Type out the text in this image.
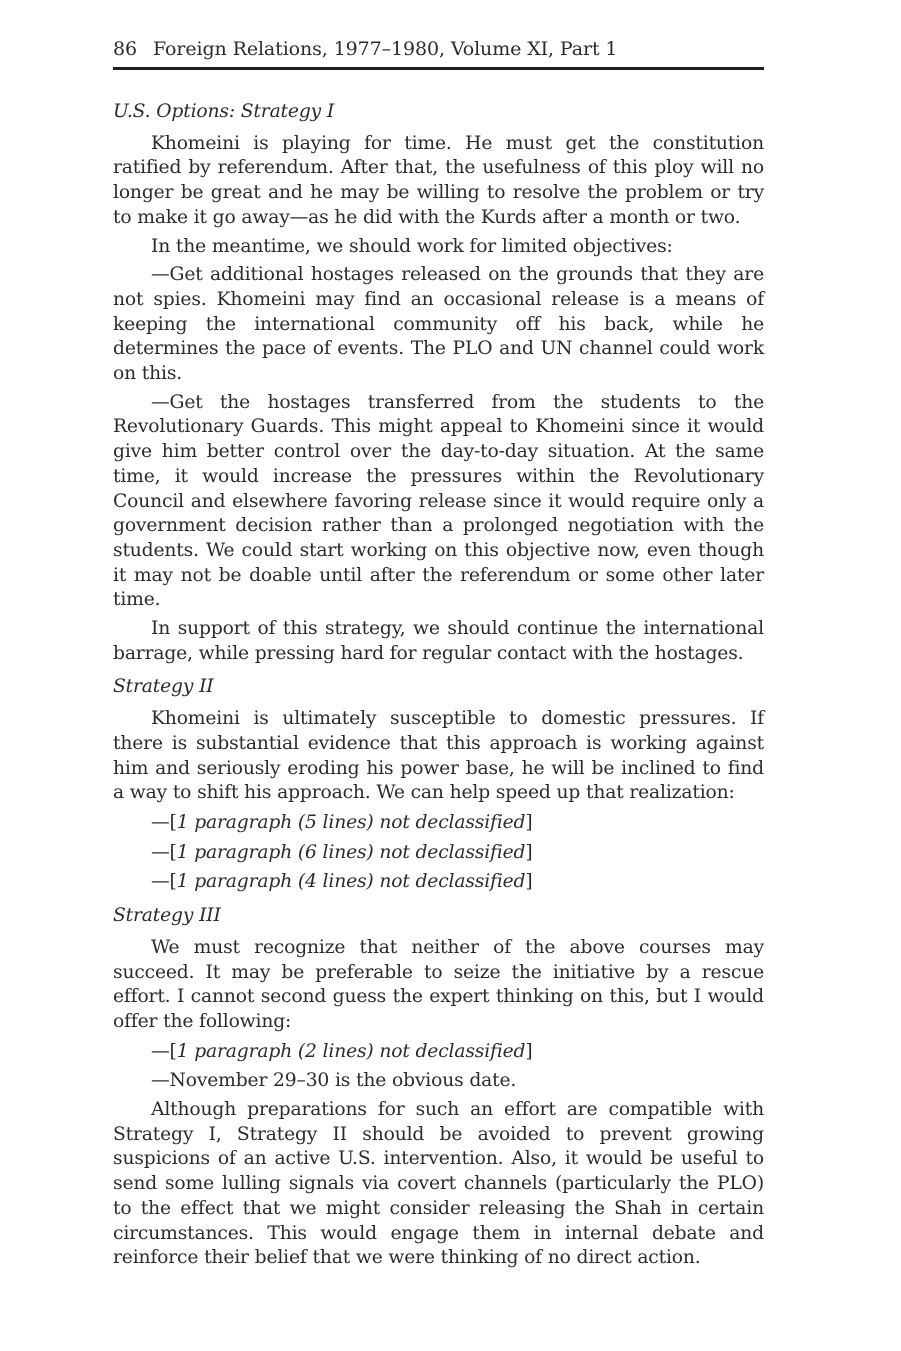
86 Foreign Relations, 1977–1980, Volume XI, Part 1

U.S. Options: Strategy I

Khomeini is playing for time. He must get the constitution ratified by referendum. After that, the usefulness of this ploy will no longer be great and he may be willing to resolve the problem or try to make it go away—as he did with the Kurds after a month or two.

In the meantime, we should work for limited objectives:

—Get additional hostages released on the grounds that they are not spies. Khomeini may find an occasional release is a means of keeping the international community off his back, while he determines the pace of events. The PLO and UN channel could work on this.

—Get the hostages transferred from the students to the Revolutionary Guards. This might appeal to Khomeini since it would give him better control over the day-to-day situation. At the same time, it would increase the pressures within the Revolutionary Council and elsewhere favoring release since it would require only a government decision rather than a prolonged negotiation with the students. We could start working on this objective now, even though it may not be doable until after the referendum or some other later time.

In support of this strategy, we should continue the international barrage, while pressing hard for regular contact with the hostages.

Strategy II

Khomeini is ultimately susceptible to domestic pressures. If there is substantial evidence that this approach is working against him and seriously eroding his power base, he will be inclined to find a way to shift his approach. We can help speed up that realization:

—[1 paragraph (5 lines) not declassified]

—[1 paragraph (6 lines) not declassified]

—[1 paragraph (4 lines) not declassified]

Strategy III

We must recognize that neither of the above courses may succeed. It may be preferable to seize the initiative by a rescue effort. I cannot second guess the expert thinking on this, but I would offer the following:

—[1 paragraph (2 lines) not declassified]

—November 29–30 is the obvious date.

Although preparations for such an effort are compatible with Strategy I, Strategy II should be avoided to prevent growing suspicions of an active U.S. intervention. Also, it would be useful to send some lulling signals via covert channels (particularly the PLO) to the effect that we might consider releasing the Shah in certain circumstances. This would engage them in internal debate and reinforce their belief that we were thinking of no direct action.
